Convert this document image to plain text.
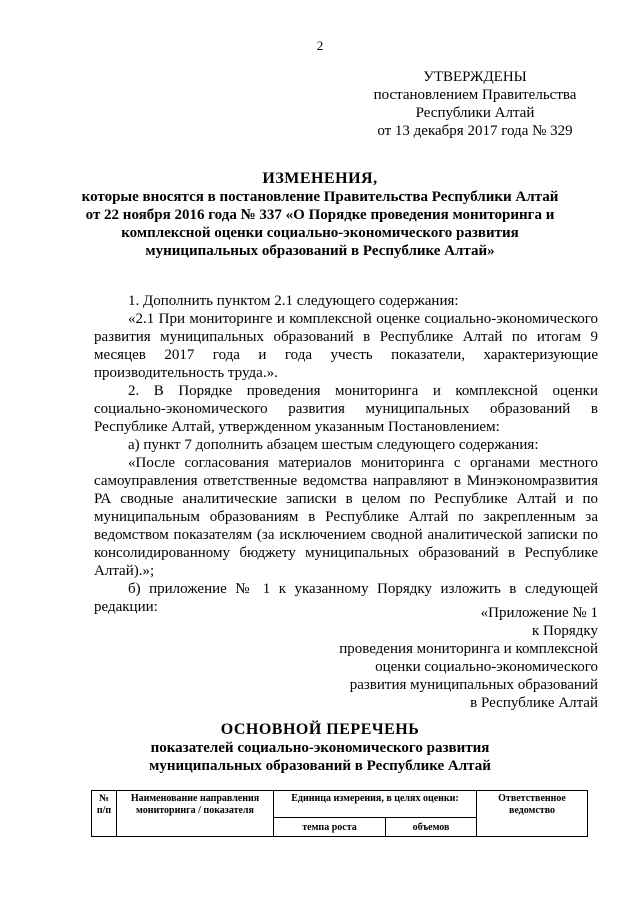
2
УТВЕРЖДЕНЫ
постановлением Правительства
Республики Алтай
от 13 декабря 2017 года № 329
ИЗМЕНЕНИЯ,
которые вносятся в постановление Правительства Республики Алтай
от 22 ноября 2016 года № 337 «О Порядке проведения мониторинга и
комплексной оценки социально-экономического развития
муниципальных образований в Республике Алтай»

1. Дополнить пунктом 2.1 следующего содержания:

«2.1 При мониторинге и комплексной оценке социально-экономического развития муниципальных образований в Республике Алтай по итогам 9 месяцев 2017 года и года учесть показатели, характеризующие производительность труда.».

2. В Порядке проведения мониторинга и комплексной оценки социально-экономического развития муниципальных образований в Республике Алтай, утвержденном указанным Постановлением:

а) пункт 7 дополнить абзацем шестым следующего содержания:

«После согласования материалов мониторинга с органами местного самоуправления ответственные ведомства направляют в Минэкономразвития РА сводные аналитические записки в целом по Республике Алтай и по муниципальным образованиям в Республике Алтай по закрепленным за ведомством показателям (за исключением сводной аналитической записки по консолидированному бюджету муниципальных образований в Республике Алтай).»;

б) приложение № 1 к указанному Порядку изложить в следующей редакции:	«Приложение № 1
к Порядку
проведения мониторинга и комплексной
оценки социально-экономического
развития муниципальных образований
в Республике Алтай
ОСНОВНОЙ ПЕРЕЧЕНЬ
показателей социально-экономического развития
муниципальных образований в Республике Алтай
№ п/п	Наименование направления мониторинга / показателя	Единица измерения, в целях оценки:		Ответственное ведомство
		темпа роста	объемов	
